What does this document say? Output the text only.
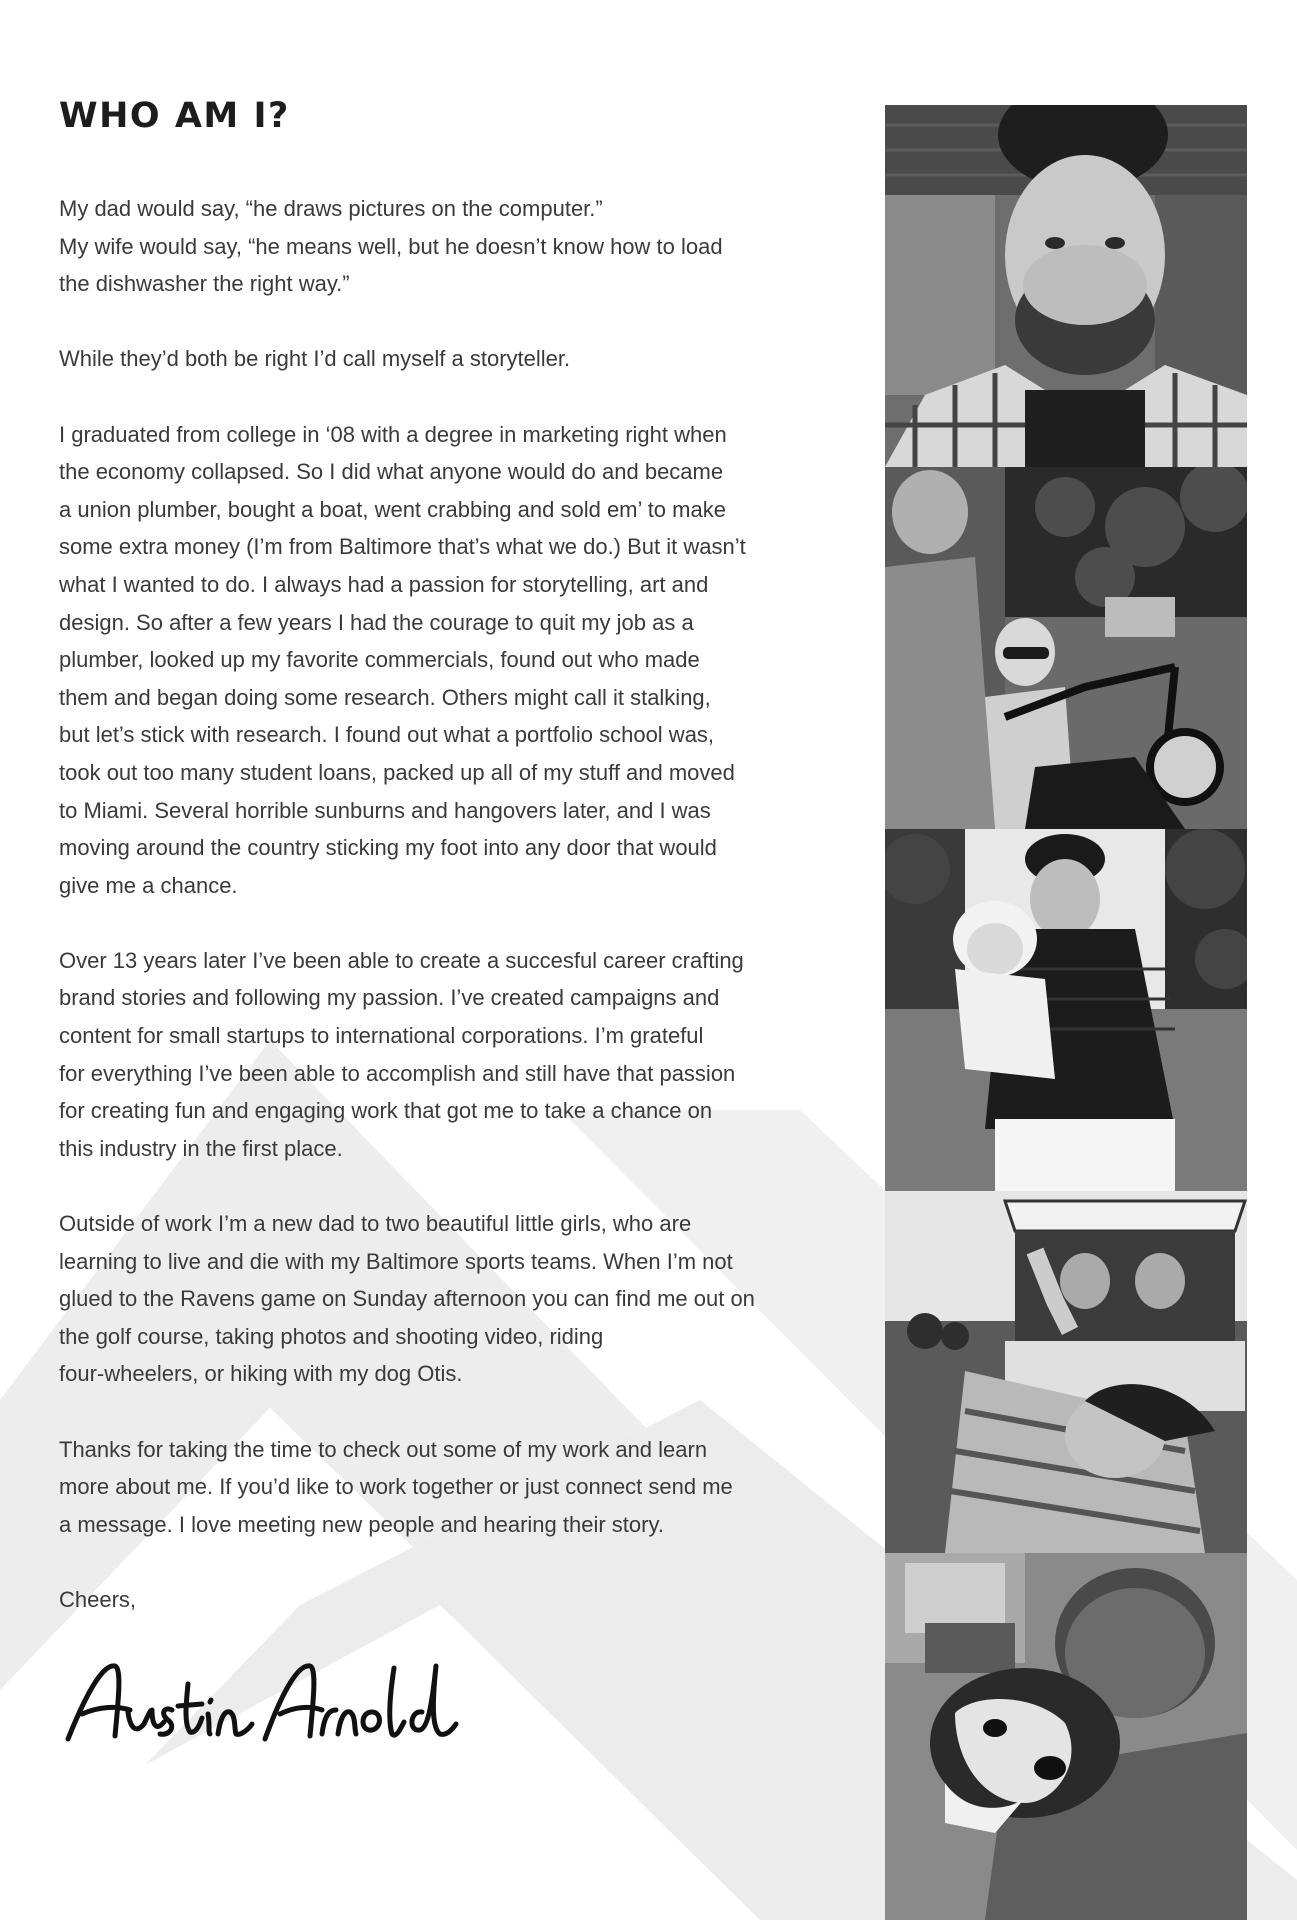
WHO AM I?

My dad would say, “he draws pictures on the computer.”
My wife would say, “he means well, but he doesn’t know how to load
the dishwasher the right way.”

While they’d both be right I’d call myself a storyteller.

I graduated from college in ‘08 with a degree in marketing right when
the economy collapsed. So I did what anyone would do and became
a union plumber, bought a boat, went crabbing and sold em’ to make
some extra money (I’m from Baltimore that’s what we do.) But it wasn’t
what I wanted to do. I always had a passion for storytelling, art and
design. So after a few years I had the courage to quit my job as a
plumber, looked up my favorite commercials, found out who made
them and began doing some research. Others might call it stalking,
but let’s stick with research. I found out what a portfolio school was,
took out too many student loans, packed up all of my stuff and moved
to Miami. Several horrible sunburns and hangovers later, and I was
moving around the country sticking my foot into any door that would
give me a chance.

Over 13 years later I’ve been able to create a succesful career crafting
brand stories and following my passion. I’ve created campaigns and
content for small startups to international corporations. I’m grateful
for everything I’ve been able to accomplish and still have that passion
for creating fun and engaging work that got me to take a chance on
this industry in the first place.

Outside of work I’m a new dad to two beautiful little girls, who are
learning to live and die with my Baltimore sports teams. When I’m not
glued to the Ravens game on Sunday afternoon you can find me out on
the golf course, taking photos and shooting video, riding
four-wheelers, or hiking with my dog Otis.

Thanks for taking the time to check out some of my work and learn
more about me. If you’d like to work together or just connect send me
a message. I love meeting new people and hearing their story.

Cheers,
